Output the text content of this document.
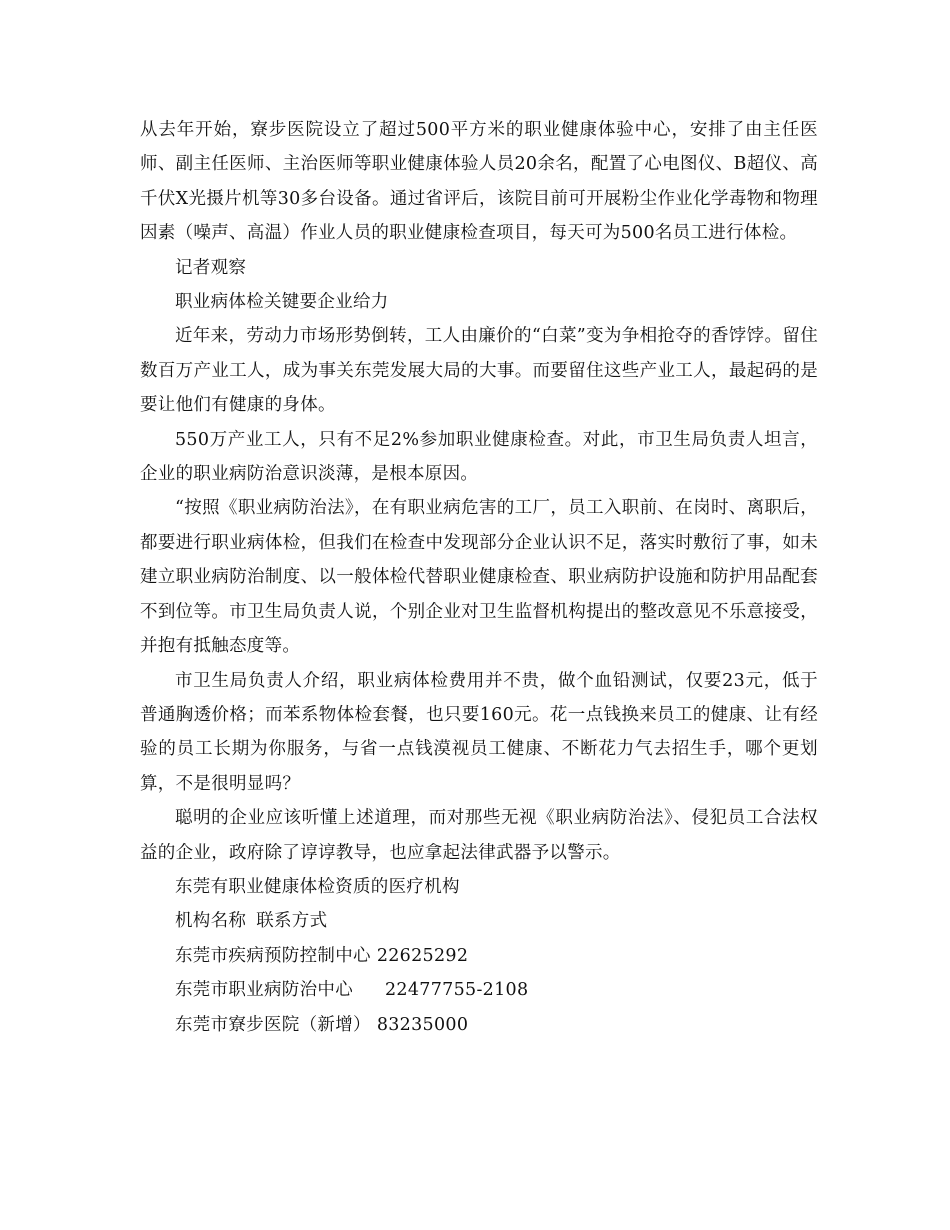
从去年开始，寮步医院设立了超过500平方米的职业健康体验中心，安排了由主任医师、副主任医师、主治医师等职业健康体验人员20余名，配置了心电图仪、B超仪、高千伏X光摄片机等30多台设备。通过省评后，该院目前可开展粉尘作业化学毒物和物理因素（噪声、高温）作业人员的职业健康检查项目，每天可为500名员工进行体检。

记者观察

职业病体检关键要企业给力

近年来，劳动力市场形势倒转，工人由廉价的“白菜”变为争相抢夺的香饽饽。留住数百万产业工人，成为事关东莞发展大局的大事。而要留住这些产业工人，最起码的是要让他们有健康的身体。

550万产业工人，只有不足2%参加职业健康检查。对此，市卫生局负责人坦言，企业的职业病防治意识淡薄，是根本原因。

“按照《职业病防治法》，在有职业病危害的工厂，员工入职前、在岗时、离职后，都要进行职业病体检，但我们在检查中发现部分企业认识不足，落实时敷衍了事，如未建立职业病防治制度、以一般体检代替职业健康检查、职业病防护设施和防护用品配套不到位等。市卫生局负责人说，个别企业对卫生监督机构提出的整改意见不乐意接受，并抱有抵触态度等。

市卫生局负责人介绍，职业病体检费用并不贵，做个血铅测试，仅要23元，低于普通胸透价格；而苯系物体检套餐，也只要160元。花一点钱换来员工的健康、让有经验的员工长期为你服务，与省一点钱漠视员工健康、不断花力气去招生手，哪个更划算，不是很明显吗？

聪明的企业应该听懂上述道理，而对那些无视《职业病防治法》、侵犯员工合法权益的企业，政府除了谆谆教导，也应拿起法律武器予以警示。

东莞有职业健康体检资质的医疗机构

机构名称 联系方式
东莞市疾病预防控制中心 22625292
东莞市职业病防治中心 22477755-2108
东莞市寮步医院（新增） 83235000
